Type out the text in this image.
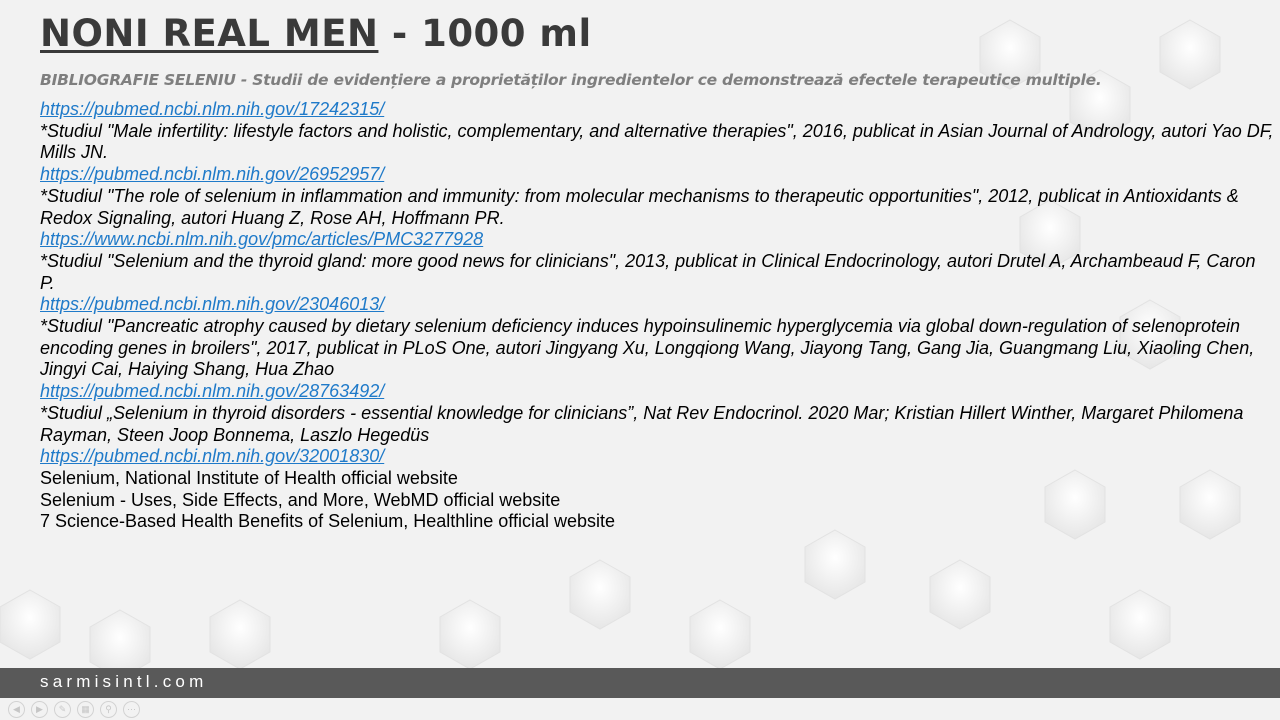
NONI REAL MEN - 1000 ml
BIBLIOGRAFIE SELENIU - Studii de evidențiere a proprietăților ingredientelor ce demonstrează efectele terapeutice multiple.
https://pubmed.ncbi.nlm.nih.gov/17242315/
*Studiul "Male infertility: lifestyle factors and holistic, complementary, and alternative therapies", 2016, publicat in Asian Journal of Andrology, autori Yao DF, Mills JN.
https://pubmed.ncbi.nlm.nih.gov/26952957/
*Studiul "The role of selenium in inflammation and immunity: from molecular mechanisms to therapeutic opportunities", 2012, publicat in Antioxidants & Redox Signaling, autori Huang Z, Rose AH, Hoffmann PR.
https://www.ncbi.nlm.nih.gov/pmc/articles/PMC3277928
*Studiul "Selenium and the thyroid gland: more good news for clinicians", 2013, publicat in Clinical Endocrinology, autori Drutel A, Archambeaud F, Caron P.
https://pubmed.ncbi.nlm.nih.gov/23046013/
*Studiul "Pancreatic atrophy caused by dietary selenium deficiency induces hypoinsulinemic hyperglycemia via global down-regulation of selenoprotein encoding genes in broilers", 2017, publicat in PLoS One, autori Jingyang Xu, Longqiong Wang, Jiayong Tang, Gang Jia, Guangmang Liu, Xiaoling Chen, Jingyi Cai, Haiying Shang, Hua Zhao
https://pubmed.ncbi.nlm.nih.gov/28763492/
*Studiul „Selenium in thyroid disorders - essential knowledge for clinicians”, Nat Rev Endocrinol. 2020 Mar; Kristian Hillert Winther, Margaret Philomena Rayman, Steen Joop Bonnema, Laszlo Hegedüs
https://pubmed.ncbi.nlm.nih.gov/32001830/
Selenium, National Institute of Health official website
Selenium - Uses, Side Effects, and More, WebMD official website
7 Science-Based Health Benefits of Selenium, Healthline official website
sarmisintl.com
◀	▶	✎	▦	⚲	⋯
